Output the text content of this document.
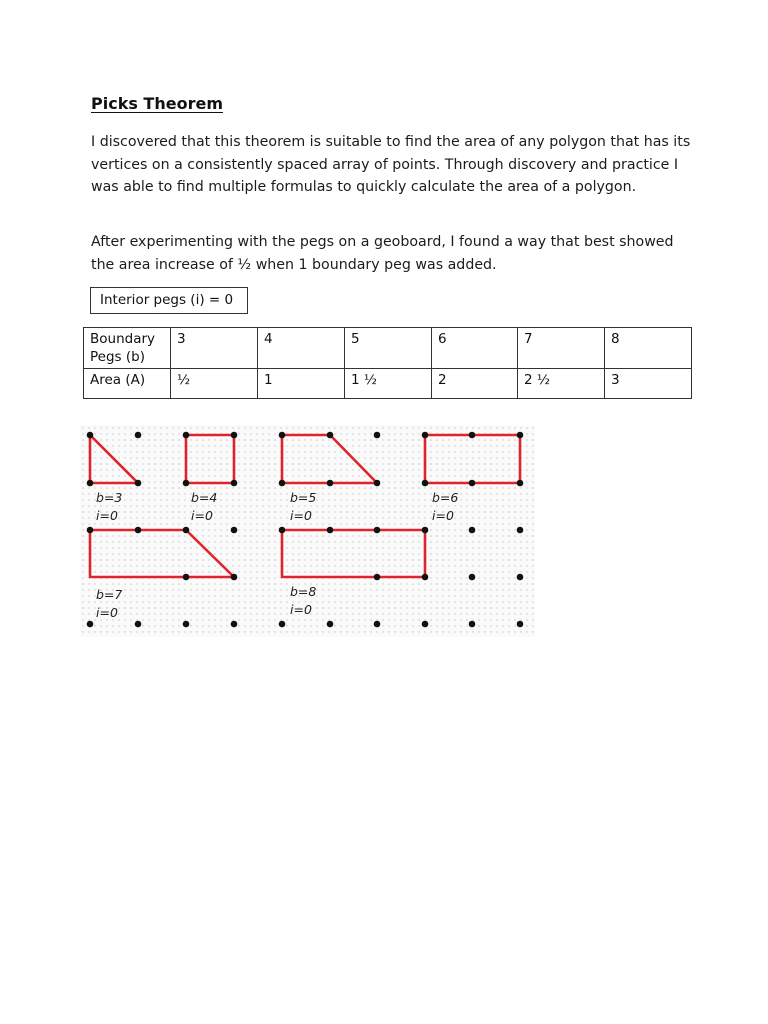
Picks Theorem

I discovered that this theorem is suitable to find the area of any polygon that has its vertices on a consistently spaced array of points. Through discovery and practice I was able to find multiple formulas to quickly calculate the area of a polygon.

After experimenting with the pegs on a geoboard, I found a way that best showed the area increase of ½ when 1 boundary peg was added.

Interior pegs (i) = 0
Boundary Pegs (b)	3	4	5	6	7	8
Area (A)	½	1	1 ½	2	2 ½	3
b=3
i=0
b=4
i=0
b=5
i=0
b=6
i=0
b=7
i=0
b=8
i=0
